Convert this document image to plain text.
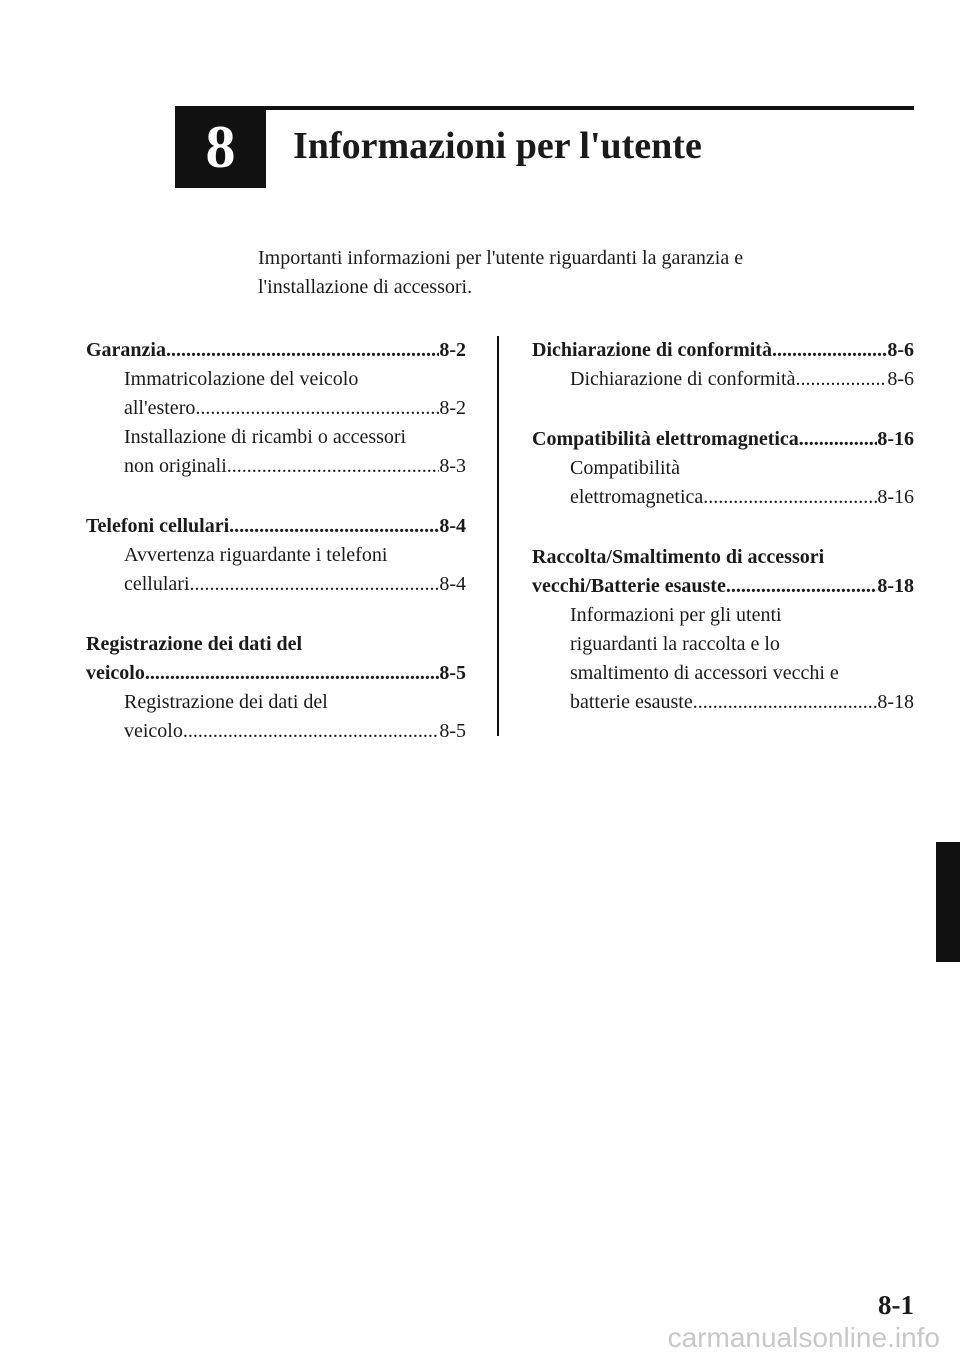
8 Informazioni per l'utente
Importanti informazioni per l'utente riguardanti la garanzia e
l'installazione di accessori.
Garanzia .....	8-2
Immatricolazione del veicolo
all'estero .....	8-2
Installazione di ricambi o accessori
non originali .....	8-3
Telefoni cellulari .....	8-4
Avvertenza riguardante i telefoni
cellulari .....	8-4
Registrazione dei dati del
veicolo .....	8-5
Registrazione dei dati del
veicolo .....	8-5
Dichiarazione di conformità .....	8-6
Dichiarazione di conformità .....	8-6
Compatibilità elettromagnetica .....	8-16
Compatibilità
elettromagnetica .....	8-16
Raccolta/Smaltimento di accessori
vecchi/Batterie esauste .....	8-18
Informazioni per gli utenti
riguardanti la raccolta e lo
smaltimento di accessori vecchi e
batterie esauste .....	8-18
8-1
carmanualsonline.info
